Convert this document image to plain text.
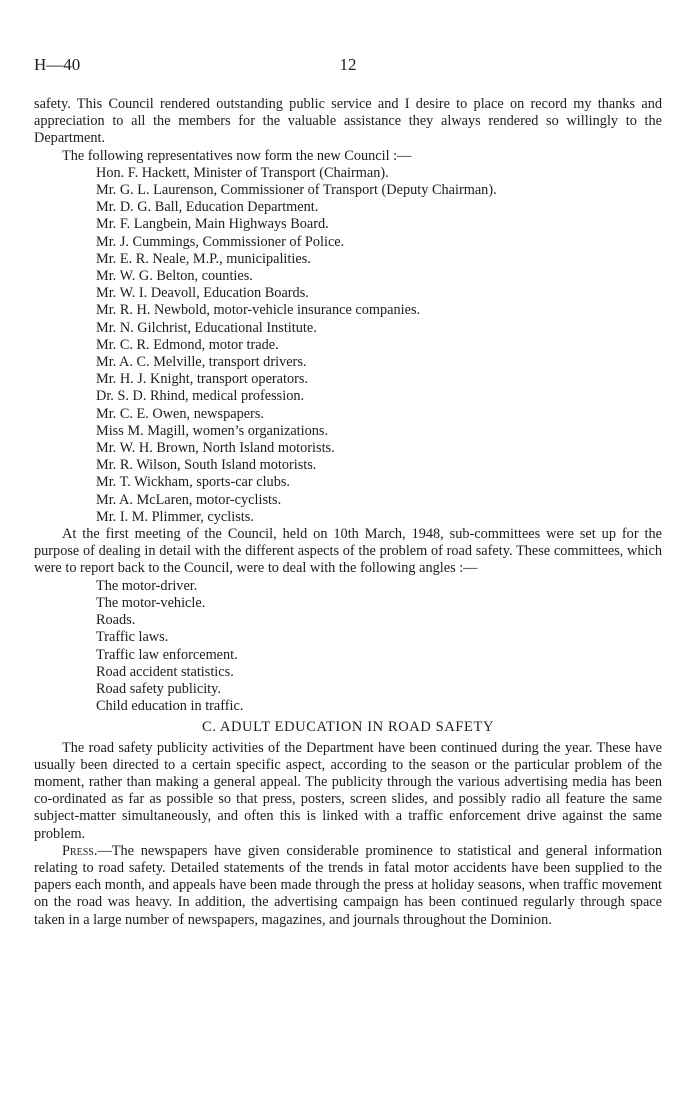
H—40	12

safety. This Council rendered outstanding public service and I desire to place on record my thanks and appreciation to all the members for the valuable assistance they always rendered so willingly to the Department.

The following representatives now form the new Council :—

Hon. F. Hackett, Minister of Transport (Chairman).
Mr. G. L. Laurenson, Commissioner of Transport (Deputy Chairman).
Mr. D. G. Ball, Education Department.
Mr. F. Langbein, Main Highways Board.
Mr. J. Cummings, Commissioner of Police.
Mr. E. R. Neale, M.P., municipalities.
Mr. W. G. Belton, counties.
Mr. W. I. Deavoll, Education Boards.
Mr. R. H. Newbold, motor-vehicle insurance companies.
Mr. N. Gilchrist, Educational Institute.
Mr. C. R. Edmond, motor trade.
Mr. A. C. Melville, transport drivers.
Mr. H. J. Knight, transport operators.
Dr. S. D. Rhind, medical profession.
Mr. C. E. Owen, newspapers.
Miss M. Magill, women’s organizations.
Mr. W. H. Brown, North Island motorists.
Mr. R. Wilson, South Island motorists.
Mr. T. Wickham, sports-car clubs.
Mr. A. McLaren, motor-cyclists.
Mr. I. M. Plimmer, cyclists.

At the first meeting of the Council, held on 10th March, 1948, sub-committees were set up for the purpose of dealing in detail with the different aspects of the problem of road safety. These committees, which were to report back to the Council, were to deal with the following angles :—

The motor-driver.
The motor-vehicle.
Roads.
Traffic laws.
Traffic law enforcement.
Road accident statistics.
Road safety publicity.
Child education in traffic.
C. ADULT EDUCATION IN ROAD SAFETY

The road safety publicity activities of the Department have been continued during the year. These have usually been directed to a certain specific aspect, according to the season or the particular problem of the moment, rather than making a general appeal. The publicity through the various advertising media has been co-ordinated as far as possible so that press, posters, screen slides, and possibly radio all feature the same subject-matter simultaneously, and often this is linked with a traffic enforcement drive against the same problem.

Press.—The newspapers have given considerable prominence to statistical and general information relating to road safety. Detailed statements of the trends in fatal motor accidents have been supplied to the papers each month, and appeals have been made through the press at holiday seasons, when traffic movement on the road was heavy. In addition, the advertising campaign has been continued regularly through space taken in a large number of newspapers, magazines, and journals throughout the Dominion.
